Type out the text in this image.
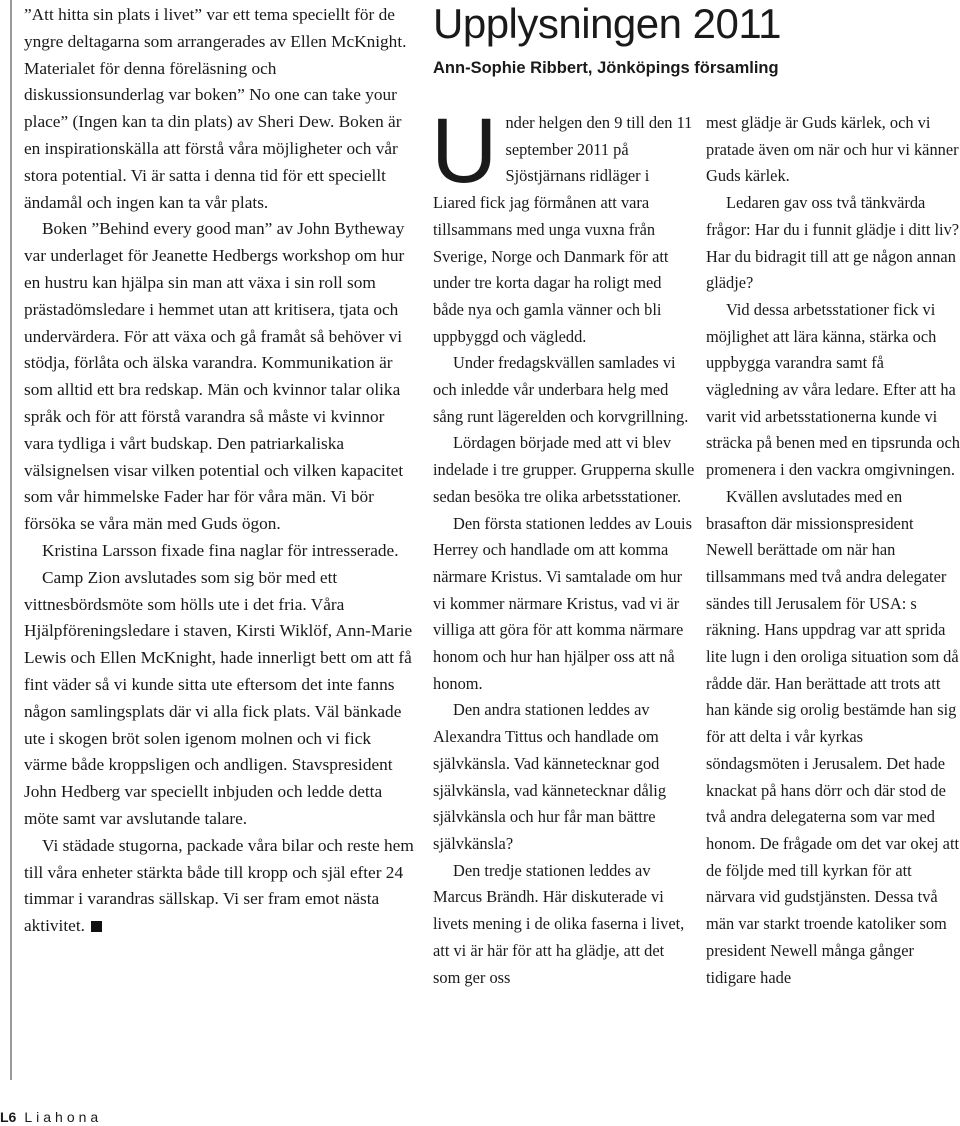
”Att hitta sin plats i livet” var ett tema speciellt för de yngre deltagarna som arrangerades av Ellen McKnight. Materialet för denna föreläsning och diskussionsunderlag var boken” No one can take your place” (Ingen kan ta din plats) av Sheri Dew. Boken är en inspirationskälla att förstå våra möjligheter och vår stora potential. Vi är satta i denna tid för ett speciellt ändamål och ingen kan ta vår plats.

Boken ”Behind every good man” av John Bytheway var underlaget för Jeanette Hedbergs workshop om hur en hustru kan hjälpa sin man att växa i sin roll som prästadömsledare i hemmet utan att kritisera, tjata och undervärdera. För att växa och gå framåt så behöver vi stödja, förlåta och älska varandra. Kommunikation är som alltid ett bra redskap. Män och kvinnor talar olika språk och för att förstå varandra så måste vi kvinnor vara tydliga i vårt budskap. Den patriarkaliska välsignelsen visar vilken potential och vilken kapacitet som vår himmelske Fader har för våra män. Vi bör försöka se våra män med Guds ögon.

Kristina Larsson fixade fina naglar för intresserade.

Camp Zion avslutades som sig bör med ett vittnesbördsmöte som hölls ute i det fria. Våra Hjälpföreningsledare i staven, Kirsti Wiklöf, Ann-Marie Lewis och Ellen McKnight, hade innerligt bett om att få fint väder så vi kunde sitta ute eftersom det inte fanns någon samlingsplats där vi alla fick plats. Väl bänkade ute i skogen bröt solen igenom molnen och vi fick värme både kroppsligen och andligen. Stavspresident John Hedberg var speciellt inbjuden och ledde detta möte samt var avslutande talare.

Vi städade stugorna, packade våra bilar och reste hem till våra enheter stärkta både till kropp och själ efter 24 timmar i varandras sällskap. Vi ser fram emot nästa aktivitet.

Upplysningen 2011
Ann-Sophie Ribbert, Jönköpings församling

Under helgen den 9 till den 11 september 2011 på Sjöstjärnans ridläger i Liared fick jag förmånen att vara tillsammans med unga vuxna från Sverige, Norge och Danmark för att under tre korta dagar ha roligt med både nya och gamla vänner och bli uppbyggd och vägledd.

Under fredagskvällen samlades vi och inledde vår underbara helg med sång runt lägerelden och korvgrillning.

Lördagen började med att vi blev indelade i tre grupper. Grupperna skulle sedan besöka tre olika arbetsstationer.

Den första stationen leddes av Louis Herrey och handlade om att komma närmare Kristus. Vi samtalade om hur vi kommer närmare Kristus, vad vi är villiga att göra för att komma närmare honom och hur han hjälper oss att nå honom.

Den andra stationen leddes av Alexandra Tittus och handlade om självkänsla. Vad kännetecknar god självkänsla, vad kännetecknar dålig självkänsla och hur får man bättre självkänsla?

Den tredje stationen leddes av Marcus Brändh. Här diskuterade vi livets mening i de olika faserna i livet, att vi är här för att ha glädje, att det som ger oss

mest glädje är Guds kärlek, och vi pratade även om när och hur vi känner Guds kärlek.

Ledaren gav oss två tänkvärda frågor: Har du i funnit glädje i ditt liv? Har du bidragit till att ge någon annan glädje?

Vid dessa arbetsstationer fick vi möjlighet att lära känna, stärka och uppbygga varandra samt få vägledning av våra ledare. Efter att ha varit vid arbetsstationerna kunde vi sträcka på benen med en tipsrunda och promenera i den vackra omgivningen.

Kvällen avslutades med en brasafton där missionspresident Newell berättade om när han tillsammans med två andra delegater sändes till Jerusalem för USA: s räkning. Hans uppdrag var att sprida lite lugn i den oroliga situation som då rådde där. Han berättade att trots att han kände sig orolig bestämde han sig för att delta i vår kyrkas söndagsmöten i Jerusalem. Det hade knackat på hans dörr och där stod de två andra delegaterna som var med honom. De frågade om det var okej att de följde med till kyrkan för att närvara vid gudstjänsten. Dessa två män var starkt troende katoliker som president Newell många gånger tidigare hade

L6 Liahona
